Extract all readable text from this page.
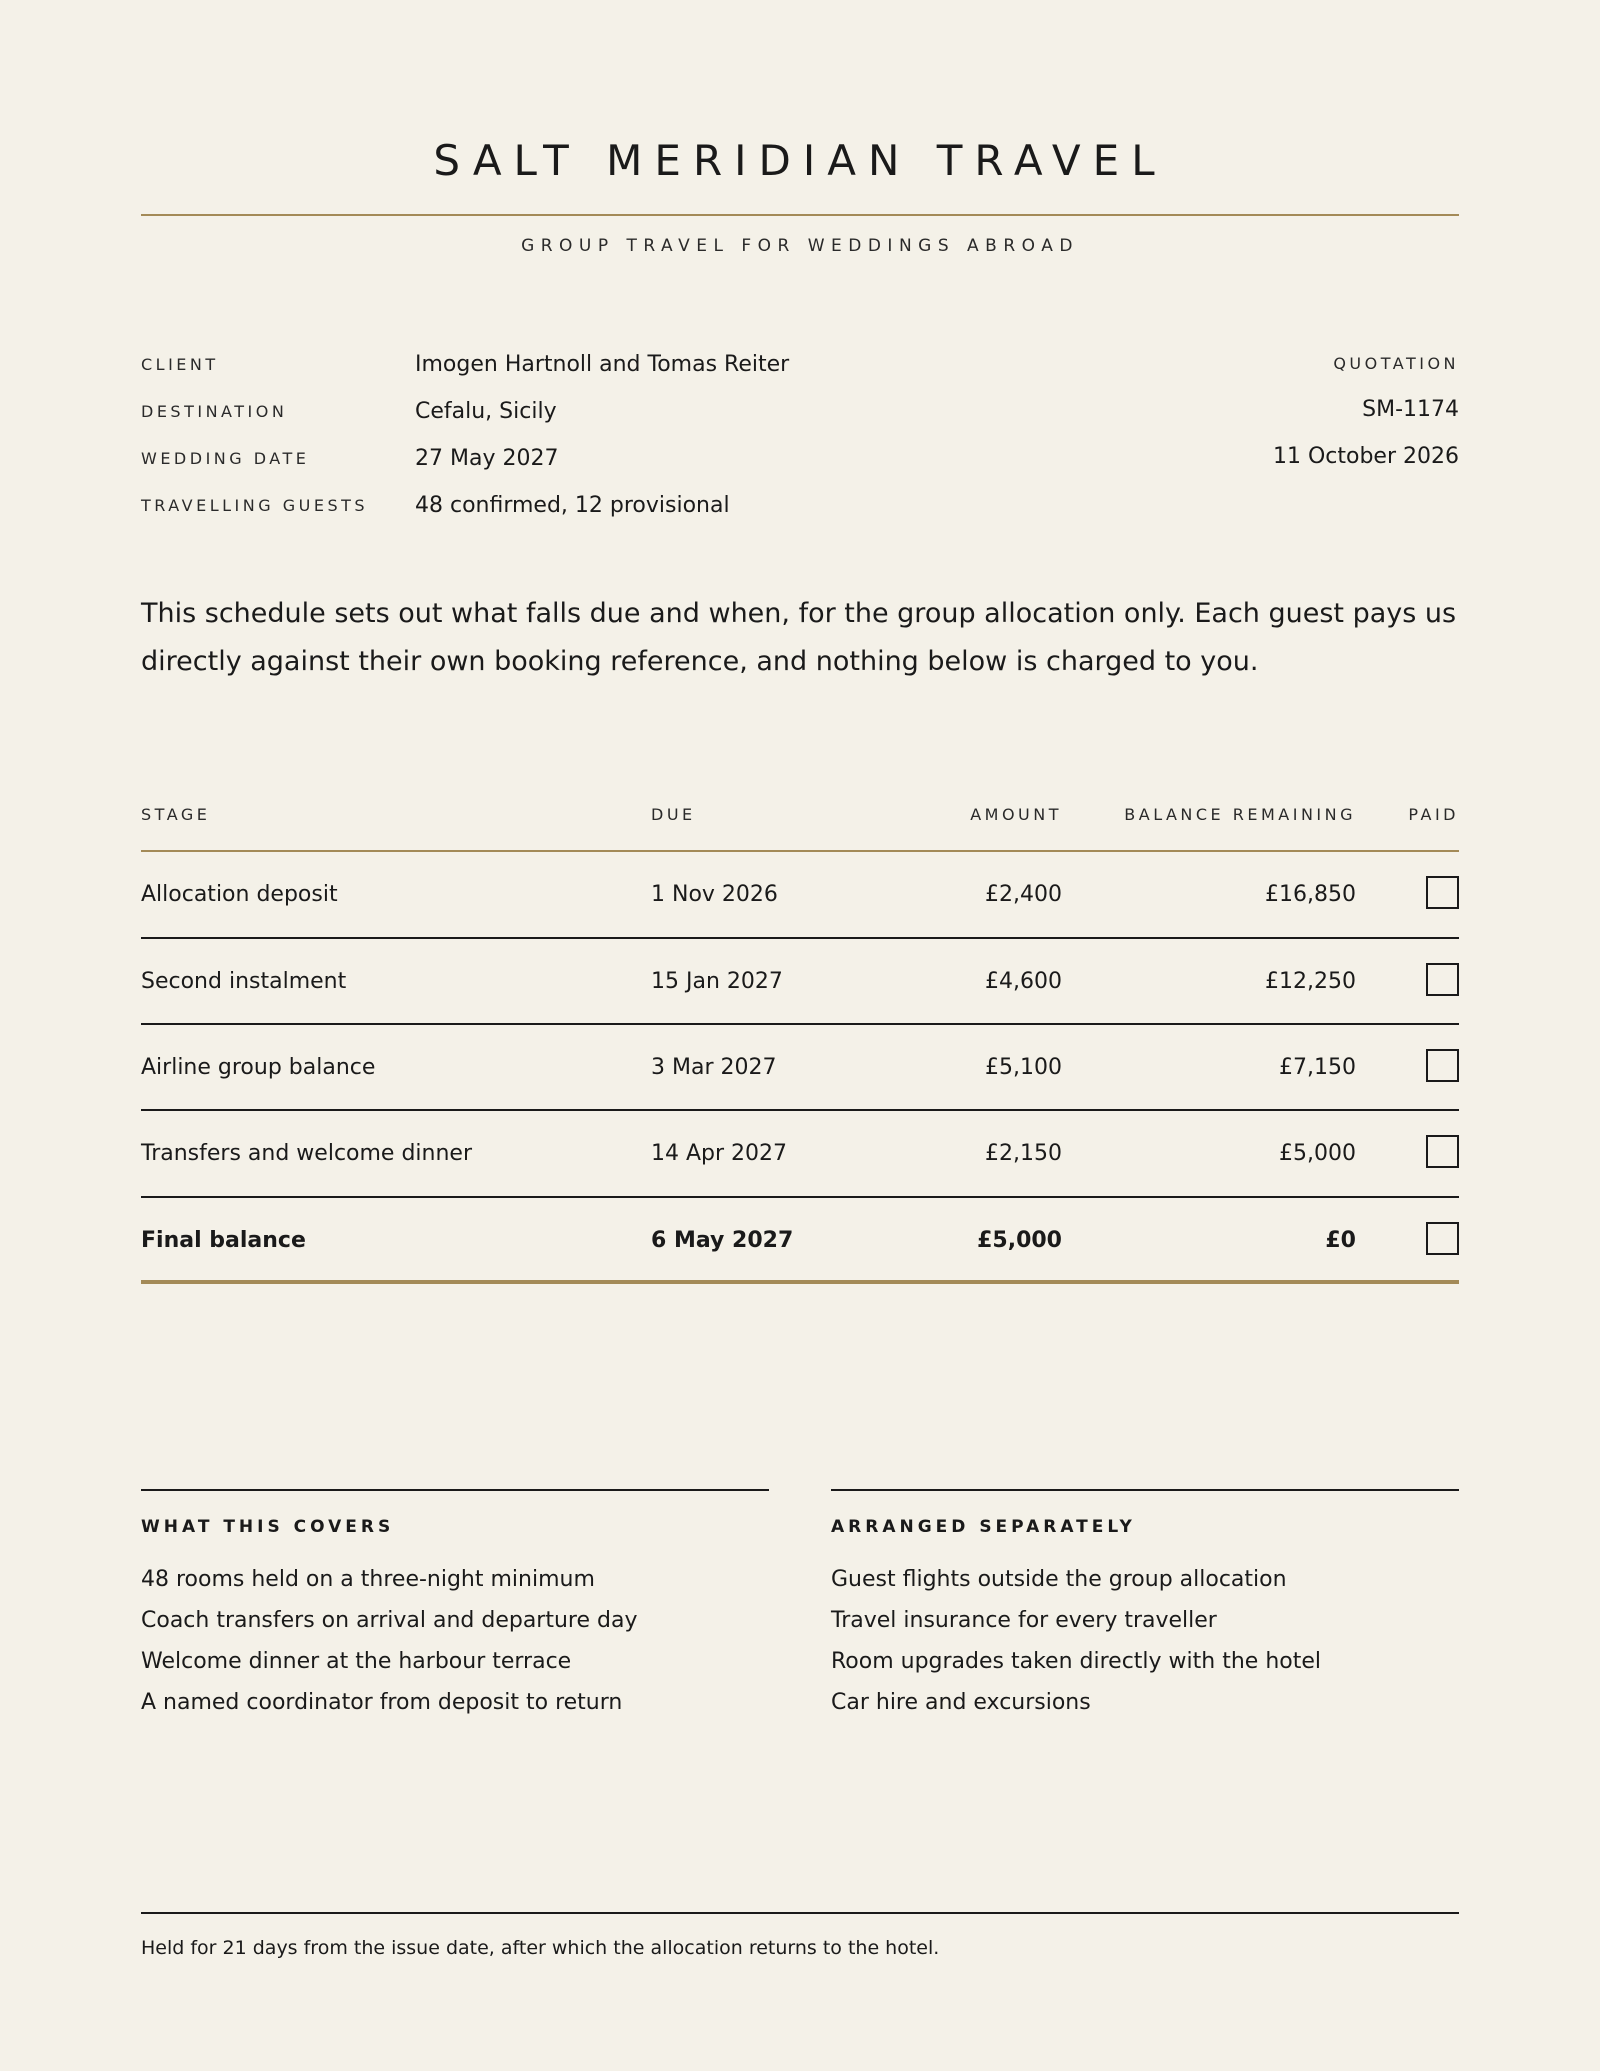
SALT MERIDIAN TRAVEL
GROUP TRAVEL FOR WEDDINGS ABROAD
CLIENT	Imogen Hartnoll and Tomas Reiter
DESTINATION	Cefalu, Sicily
WEDDING DATE	27 May 2027
TRAVELLING GUESTS	48 confirmed, 12 provisional
QUOTATION
SM-1174
11 October 2026
This schedule sets out what falls due and when, for the group allocation only. Each guest pays us directly against their own booking reference, and nothing below is charged to you.
STAGE	DUE	AMOUNT	BALANCE REMAINING	PAID
Allocation deposit	1 Nov 2026	£2,400	£16,850
Second instalment	15 Jan 2027	£4,600	£12,250
Airline group balance	3 Mar 2027	£5,100	£7,150
Transfers and welcome dinner	14 Apr 2027	£2,150	£5,000
Final balance	6 May 2027	£5,000	£0
WHAT THIS COVERS
48 rooms held on a three-night minimum
Coach transfers on arrival and departure day
Welcome dinner at the harbour terrace
A named coordinator from deposit to return
ARRANGED SEPARATELY
Guest flights outside the group allocation
Travel insurance for every traveller
Room upgrades taken directly with the hotel
Car hire and excursions
Held for 21 days from the issue date, after which the allocation returns to the hotel.
